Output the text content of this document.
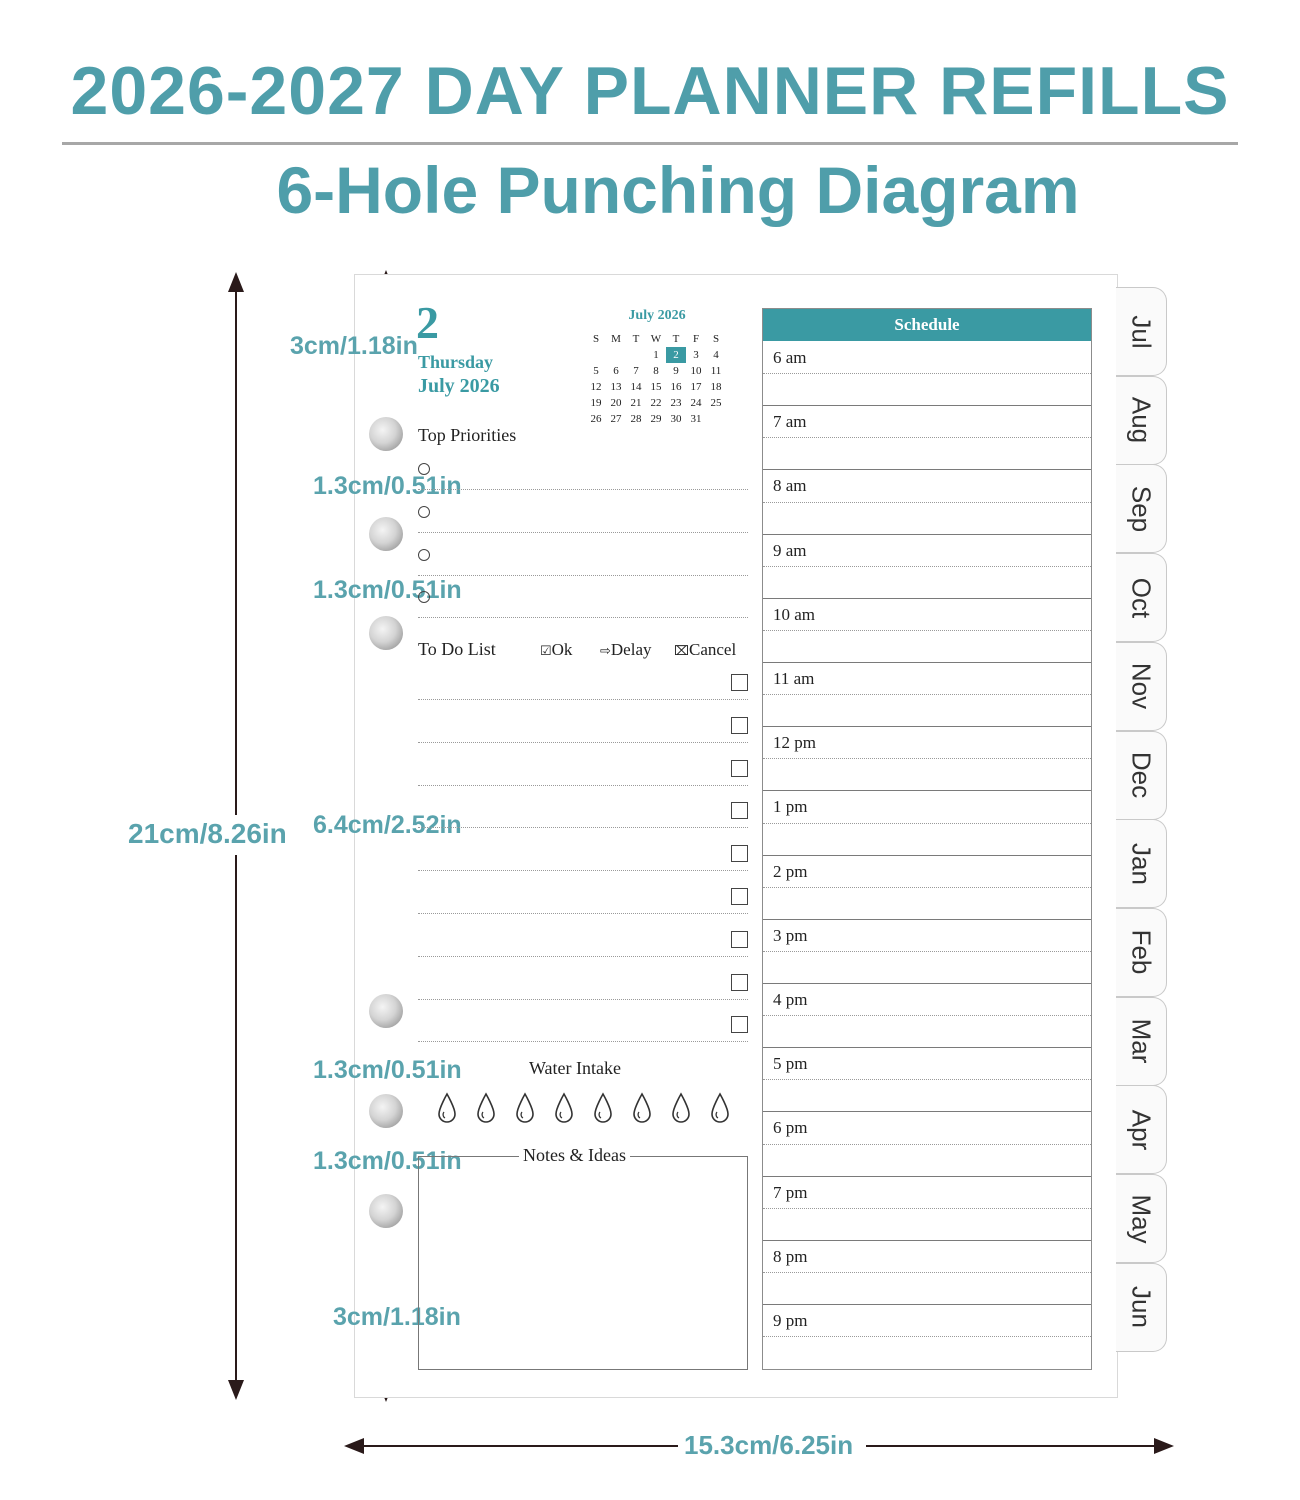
2026-2027 DAY PLANNER REFILLS
6-Hole Punching Diagram
21cm/8.26in
15.3cm/6.25in
3cm/1.18in
1.3cm/0.51in
1.3cm/0.51in
6.4cm/2.52in
1.3cm/0.51in
1.3cm/0.51in
3cm/1.18in
2
Thursday
July 2026
July 2026
S	M	T	W	T	F	S
			1	2	3	4
5	6	7	8	9	10	11
12	13	14	15	16	17	18
19	20	21	22	23	24	25
26	27	28	29	30	31	
Top Priorities
To Do List	☑Ok ⇨Delay ⌧Cancel
Water Intake
Notes & Ideas
Schedule
6 am
7 am
8 am
9 am
10 am
11 am
12 pm
1 pm
2 pm
3 pm
4 pm
5 pm
6 pm
7 pm
8 pm
9 pm
Jul
Aug
Sep
Oct
Nov
Dec
Jan
Feb
Mar
Apr
May
Jun
